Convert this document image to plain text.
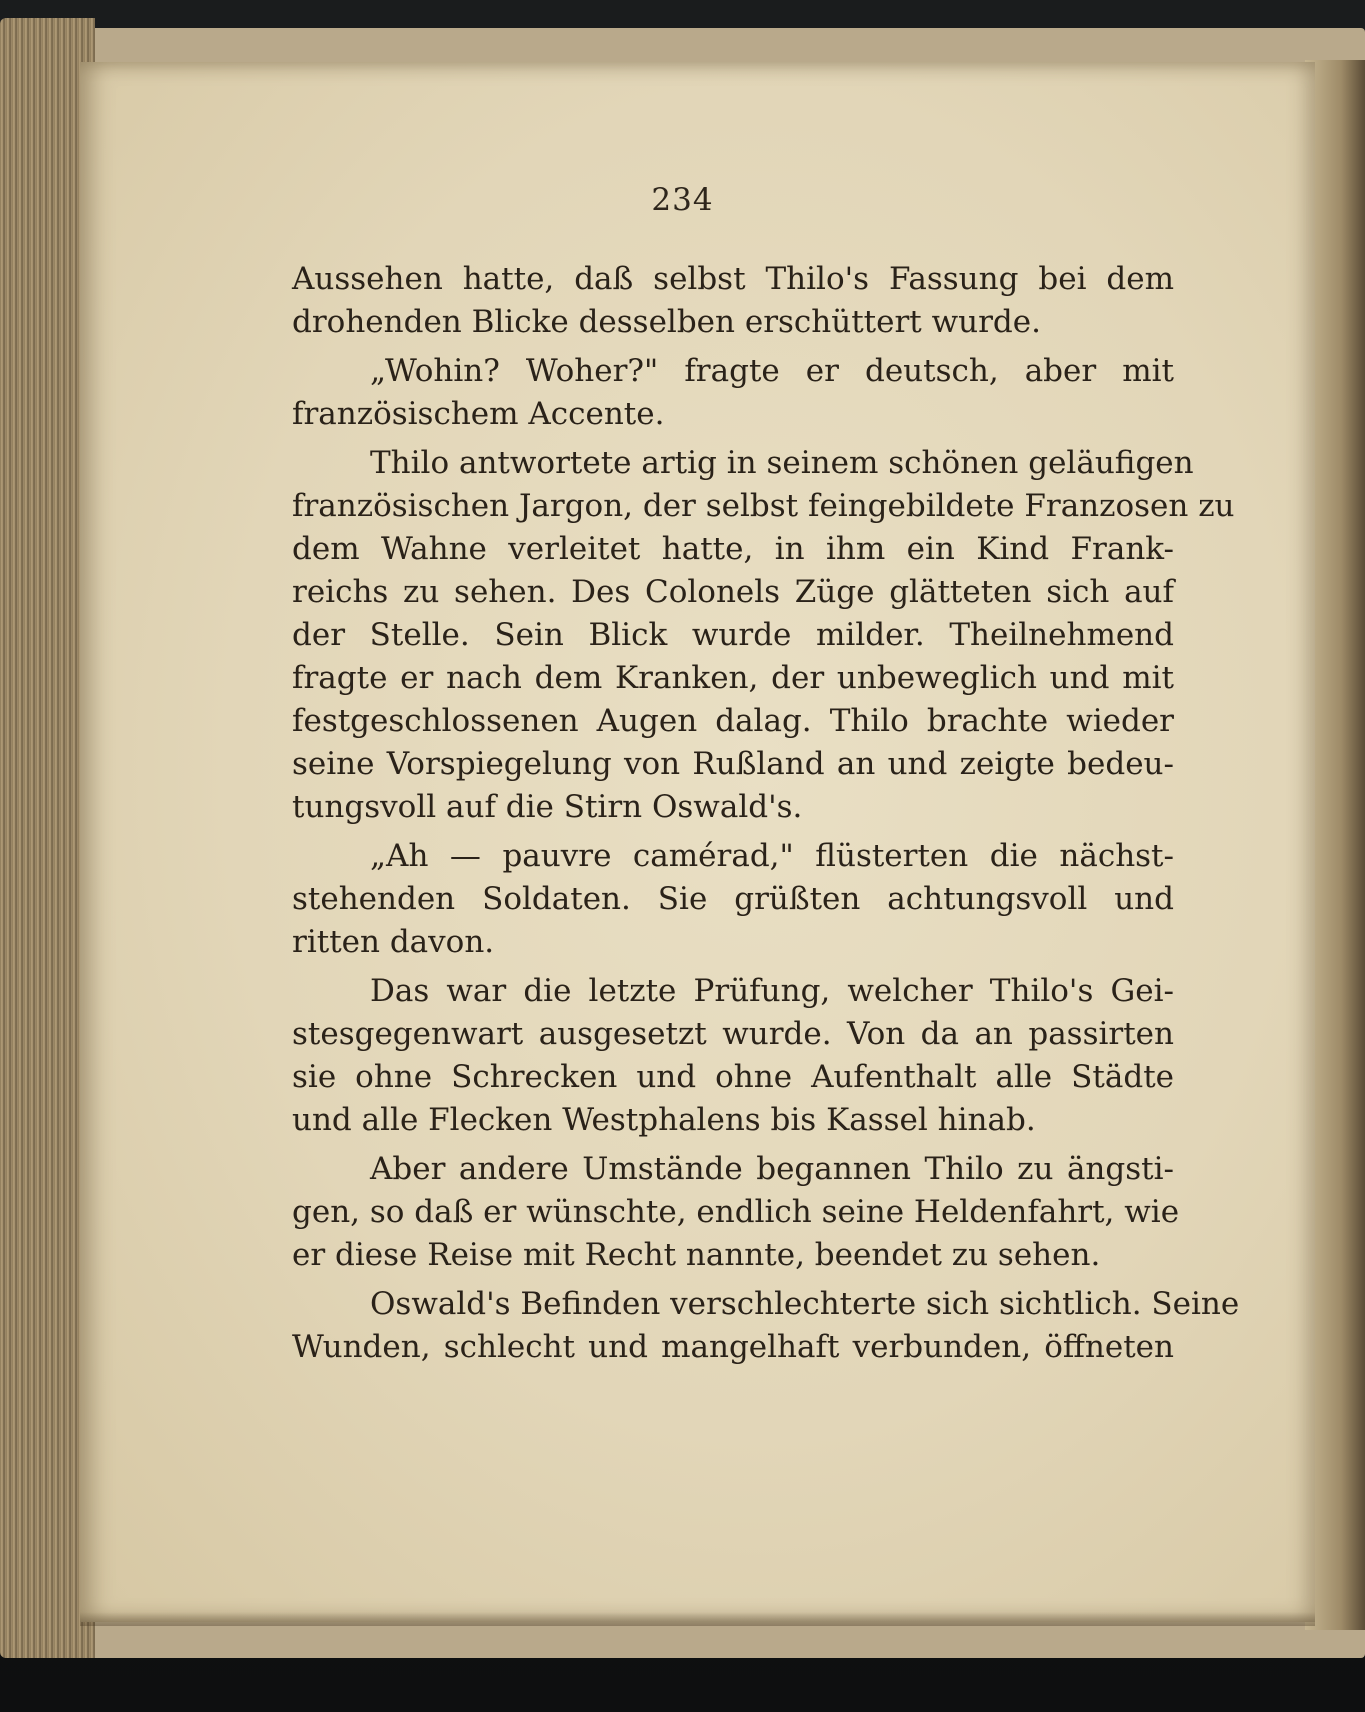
234
Aussehen hatte, daß selbst Thilo's Fassung bei dem
drohenden Blicke desselben erschüttert wurde.
„Wohin? Woher?" fragte er deutsch, aber mit
französischem Accente.
Thilo antwortete artig in seinem schönen geläufigen
französischen Jargon, der selbst feingebildete Franzosen zu
dem Wahne verleitet hatte, in ihm ein Kind Frank-
reichs zu sehen. Des Colonels Züge glätteten sich auf
der Stelle. Sein Blick wurde milder. Theilnehmend
fragte er nach dem Kranken, der unbeweglich und mit
festgeschlossenen Augen dalag. Thilo brachte wieder
seine Vorspiegelung von Rußland an und zeigte bedeu-
tungsvoll auf die Stirn Oswald's.
„Ah — pauvre camérad," flüsterten die nächst-
stehenden Soldaten. Sie grüßten achtungsvoll und
ritten davon.
Das war die letzte Prüfung, welcher Thilo's Gei-
stesgegenwart ausgesetzt wurde. Von da an passirten
sie ohne Schrecken und ohne Aufenthalt alle Städte
und alle Flecken Westphalens bis Kassel hinab.
Aber andere Umstände begannen Thilo zu ängsti-
gen, so daß er wünschte, endlich seine Heldenfahrt, wie
er diese Reise mit Recht nannte, beendet zu sehen.
Oswald's Befinden verschlechterte sich sichtlich. Seine
Wunden, schlecht und mangelhaft verbunden, öffneten
